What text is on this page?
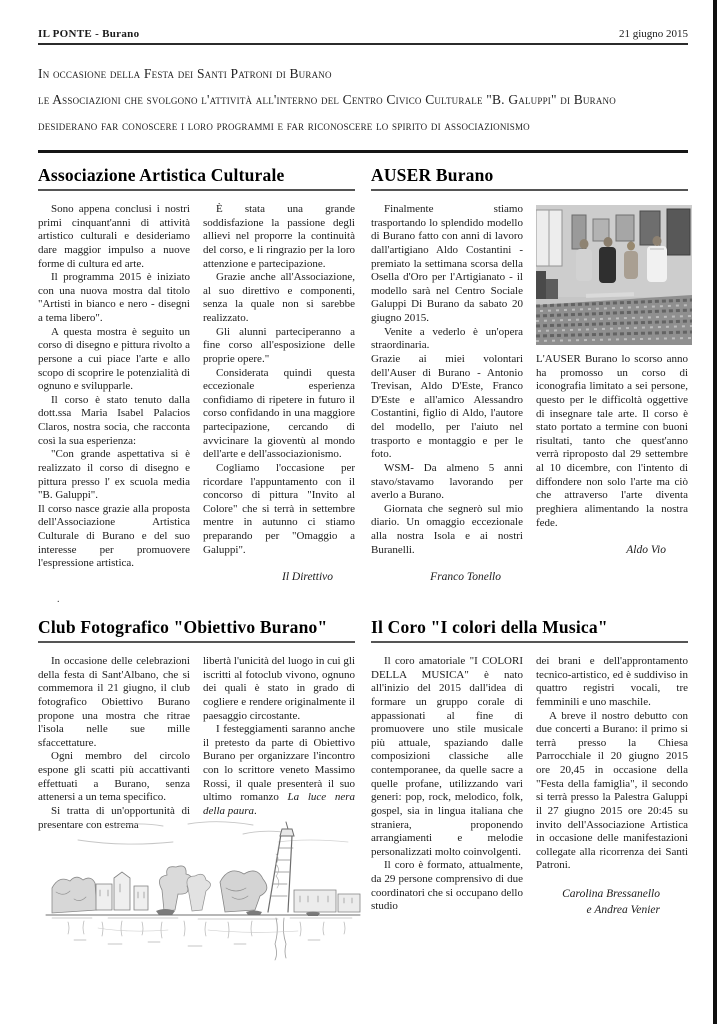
IL PONTE - Burano	21 giugno 2015
In occasione della Festa dei Santi Patroni di Burano
le Associazioni che svolgono l'attività all'interno del Centro Civico Culturale "B. Galuppi" di Burano
desiderano far conoscere i loro programmi e far riconoscere lo spirito di associazionismo
.
Associazione Artistica Culturale

Sono appena conclusi i nostri primi cinquant'anni di attività artistico culturali e desideriamo dare maggior impulso a nuove forme di cultura ed arte.

Il programma 2015 è iniziato con una nuova mostra dal titolo "Artisti in bianco e nero - disegni a tema libero".

A questa mostra è seguito un corso di disegno e pittura rivolto a persone a cui piace l'arte e allo scopo di scoprire le potenzialità di ognuno e svilupparle.

Il corso è stato tenuto dalla dott.ssa Maria Isabel Palacios Claros, nostra socia, che racconta così la sua esperienza:

"Con grande aspettativa si è realizzato il corso di disegno e pittura presso l' ex scuola media "B. Galuppi".

Il corso nasce grazie alla proposta dell'Associazione Artistica Culturale di Burano e del suo interesse per promuovere l'espressione artistica.

È stata una grande soddisfazione la passione degli allievi nel proporre la continuità del corso, e li ringrazio per la loro attenzione e partecipazione.

Grazie anche all'Associazione, al suo direttivo e componenti, senza la quale non si sarebbe realizzato.

Gli alunni parteciperanno a fine corso all'esposizione delle proprie opere."

Considerata quindi questa eccezionale esperienza confidiamo di ripetere in futuro il corso confidando in una maggiore partecipazione, cercando di avvicinare la gioventù al mondo dell'arte e dell'associazionismo.

Cogliamo l'occasione per ricordare l'appuntamento con il concorso di pittura "Invito al Colore" che si terrà in settembre mentre in autunno ci stiamo preparando per "Omaggio a Galuppi".

Il Direttivo
AUSER Burano

Finalmente stiamo trasportando lo splendido modello di Burano fatto con anni di lavoro dall'artigiano Aldo Costantini - premiato la settimana scorsa della Osella d'Oro per l'Artigianato - il modello sarà nel Centro Sociale Galuppi Di Burano da sabato 20 giugno 2015.

Venite a vederlo è un'opera straordinaria.

Grazie ai miei volontari dell'Auser di Burano - Antonio Trevisan, Aldo D'Este, Franco D'Este e all'amico Alessandro Costantini, figlio di Aldo, l'autore del modello, per l'aiuto nel trasporto e montaggio e per le foto.

WSM- Da almeno 5 anni stavo/stavamo lavorando per averlo a Burano.

Giornata che segnerò sul mio diario. Un omaggio eccezionale alla nostra Isola e ai nostri Buranelli.

Franco Tonello

L'AUSER Burano lo scorso anno ha promosso un corso di iconografia limitato a sei persone, questo per le difficoltà oggettive di insegnare tale arte. Il corso è stato portato a termine con buoni risultati, tanto che quest'anno verrà riproposto dal 29 settembre al 10 dicembre, con l'intento di diffondere non solo l'arte ma ciò che attraverso l'arte diventa preghiera alimentando la nostra fede.

Aldo Vio
Club Fotografico "Obiettivo Burano"

In occasione delle celebrazioni della festa di Sant'Albano, che si commemora il 21 giugno, il club fotografico Obiettivo Burano propone una mostra che ritrae l'isola nelle sue mille sfaccettature.

Ogni membro del circolo espone gli scatti più accattivanti effettuati a Burano, senza attenersi a un tema specifico.

Si tratta di un'opportunità di presentare con estrema

libertà l'unicità del luogo in cui gli iscritti al fotoclub vivono, ognuno dei quali è stato in grado di cogliere e rendere originalmente il paesaggio circostante.

I festeggiamenti saranno anche il pretesto da parte di Obiettivo Burano per organizzare l'incontro con lo scrittore veneto Massimo Rossi, il quale presenterà il suo ultimo romanzo La luce nera della paura.

Il Coro "I colori della Musica"

Il coro amatoriale "I COLORI DELLA MUSICA" è nato all'inizio del 2015 dall'idea di formare un gruppo corale di appassionati al fine di promuovere uno stile musicale più attuale, spaziando dalle composizioni classiche alle contemporanee, da quelle sacre a quelle profane, utilizzando vari generi: pop, rock, melodico, folk, gospel, sia in lingua italiana che straniera, proponendo arrangiamenti e melodie personalizzati molto coinvolgenti.

Il coro è formato, attualmente, da 29 persone comprensivo di due coordinatori che si occupano dello studio

dei brani e dell'approntamento tecnico-artistico, ed è suddiviso in quattro registri vocali, tre femminili e uno maschile.

A breve il nostro debutto con due concerti a Burano: il primo si terrà presso la Chiesa Parrocchiale il 20 giugno 2015 ore 20,45 in occasione della "Festa della famiglia", il secondo si terrà presso la Palestra Galuppi il 27 giugno 2015 ore 20:45 su invito dell'Associazione Artistica in occasione delle manifestazioni collegate alla ricorrenza dei Santi Patroni.

Carolina Bressanello
e Andrea Venier
